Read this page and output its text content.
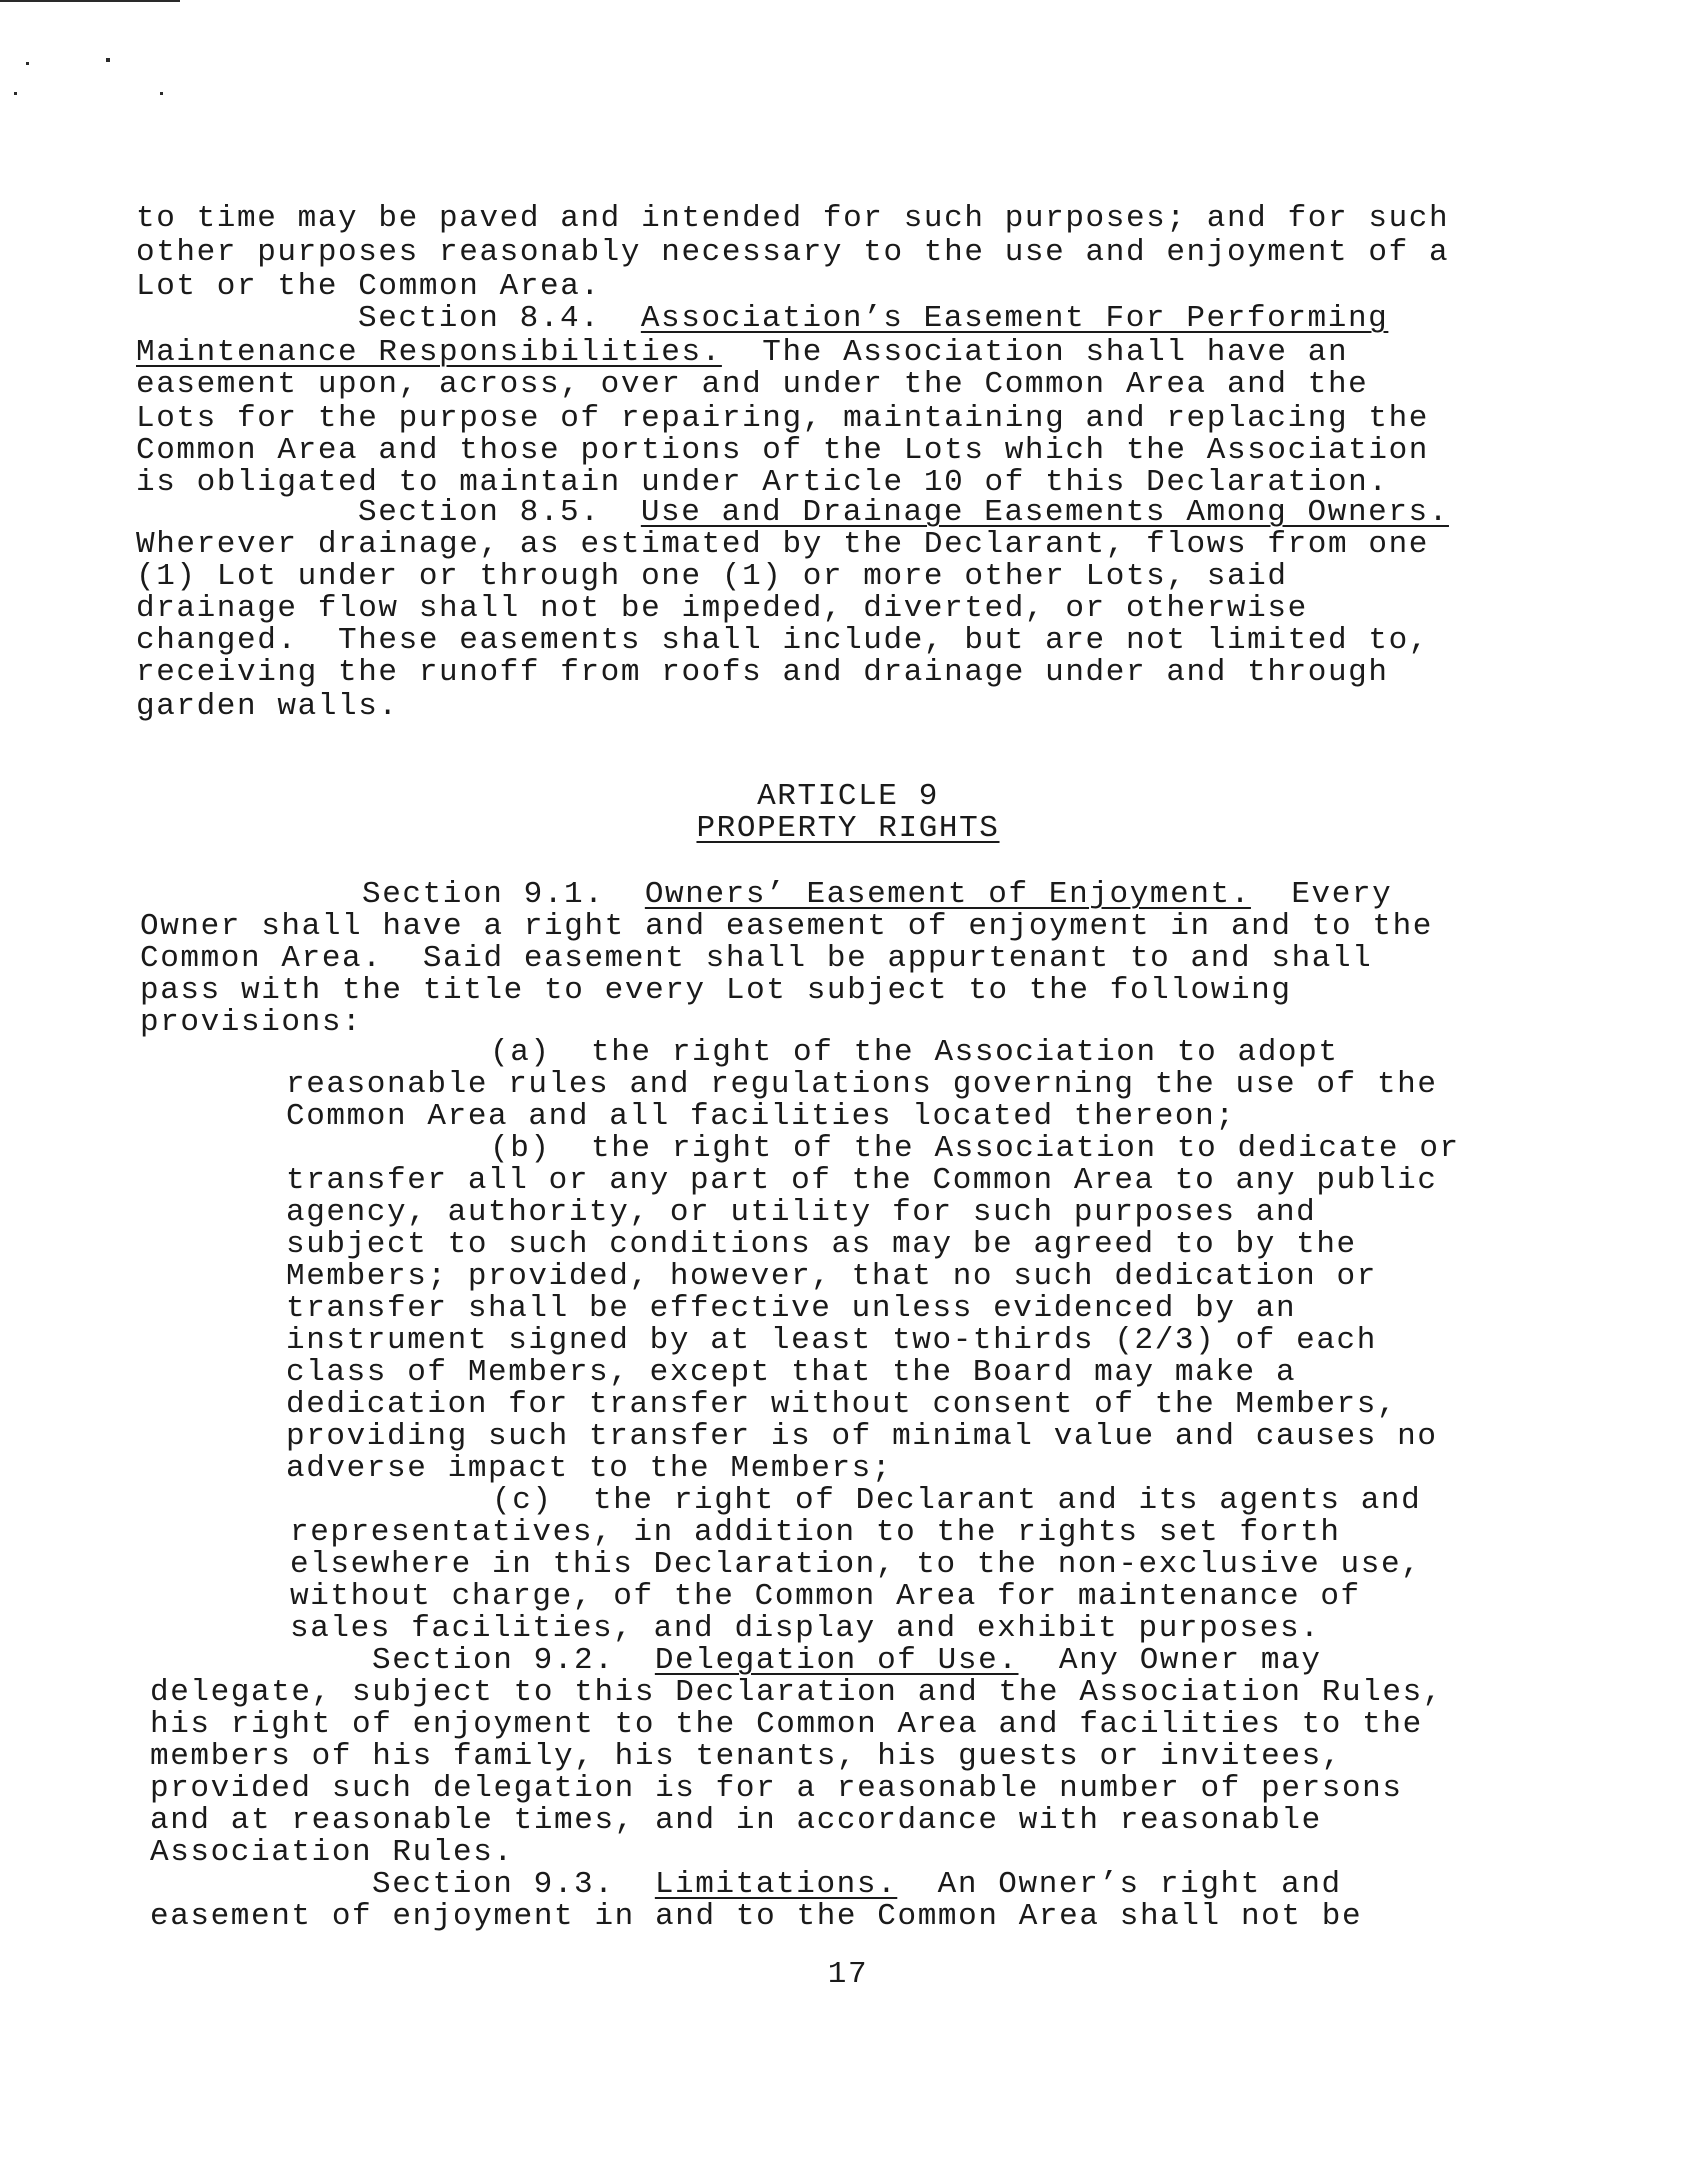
to time may be paved and intended for such purposes; and for such
other purposes reasonably necessary to the use and enjoyment of a
Lot or the Common Area.
Section 8.4. Association’s Easement For Performing
Maintenance Responsibilities.  The Association shall have an
easement upon, across, over and under the Common Area and the
Lots for the purpose of repairing, maintaining and replacing the
Common Area and those portions of the Lots which the Association
is obligated to maintain under Article 10 of this Declaration.
Section 8.5. Use and Drainage Easements Among Owners.
Wherever drainage, as estimated by the Declarant, flows from one
(1) Lot under or through one (1) or more other Lots, said
drainage flow shall not be impeded, diverted, or otherwise
changed.  These easements shall include, but are not limited to,
receiving the runoff from roofs and drainage under and through
garden walls.
ARTICLE 9
PROPERTY RIGHTS
Section 9.1. Owners’ Easement of Enjoyment.  Every
Owner shall have a right and easement of enjoyment in and to the
Common Area.  Said easement shall be appurtenant to and shall
pass with the title to every Lot subject to the following
provisions:
(a)  the right of the Association to adopt
reasonable rules and regulations governing the use of the
Common Area and all facilities located thereon;
(b)  the right of the Association to dedicate or
transfer all or any part of the Common Area to any public
agency, authority, or utility for such purposes and
subject to such conditions as may be agreed to by the
Members; provided, however, that no such dedication or
transfer shall be effective unless evidenced by an
instrument signed by at least two-thirds (2/3) of each
class of Members, except that the Board may make a
dedication for transfer without consent of the Members,
providing such transfer is of minimal value and causes no
adverse impact to the Members;
(c)  the right of Declarant and its agents and
representatives, in addition to the rights set forth
elsewhere in this Declaration, to the non-exclusive use,
without charge, of the Common Area for maintenance of
sales facilities, and display and exhibit purposes.
Section 9.2. Delegation of Use.  Any Owner may
delegate, subject to this Declaration and the Association Rules,
his right of enjoyment to the Common Area and facilities to the
members of his family, his tenants, his guests or invitees,
provided such delegation is for a reasonable number of persons
and at reasonable times, and in accordance with reasonable
Association Rules.
Section 9.3. Limitations.  An Owner’s right and
easement of enjoyment in and to the Common Area shall not be
17
